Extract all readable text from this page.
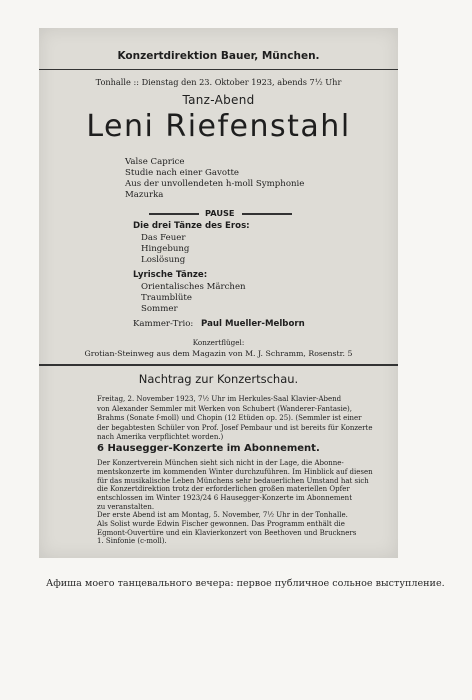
Konzertdirektion Bauer, München.
Tonhalle :: Dienstag den 23. Oktober 1923, abends 7½ Uhr
Tanz-Abend
Leni Riefenstahl
Valse Caprice
Studie nach einer Gavotte
Aus der unvollendeten h-moll Symphonie
Mazurka
PAUSE
Die drei Tänze des Eros:
Das Feuer
Hingebung
Loslösung
Lyrische Tänze:
Orientalisches Märchen
Traumblüte
Sommer
Kammer-Trio: Paul Mueller-Melborn
Konzertflügel:
Grotian-Steinweg aus dem Magazin von M. J. Schramm, Rosenstr. 5
Nachtrag zur Konzertschau.
Freitag, 2. November 1923, 7½ Uhr im Herkules-Saal Klavier-Abend
von Alexander Semmler mit Werken von Schubert (Wanderer-Fantasie),
Brahms (Sonate f-moll) und Chopin (12 Etüden op. 25). (Semmler ist einer
der begabtesten Schüler von Prof. Josef Pembaur und ist bereits für Konzerte
nach Amerika verpflichtet worden.)
6 Hausegger-Konzerte im Abonnement.
Der Konzertverein München sieht sich nicht in der Lage, die Abonne-
mentskonzerte im kommenden Winter durchzuführen. Im Hinblick auf diesen
für das musikalische Leben Münchens sehr bedauerlichen Umstand hat sich
die Konzertdirektion trotz der erforderlichen großen materiellen Opfer
entschlossen im Winter 1923/24 6 Hausegger-Konzerte im Abonnement
zu veranstalten.
Der erste Abend ist am Montag, 5. November, 7½ Uhr in der Tonhalle.
Als Solist wurde Edwin Fischer gewonnen. Das Programm enthält die
Egmont-Ouvertüre und ein Klavierkonzert von Beethoven und Bruckners
1. Sinfonie (c-moll).
Афиша моего танцевального вечера: первое публичное сольное выступление.
